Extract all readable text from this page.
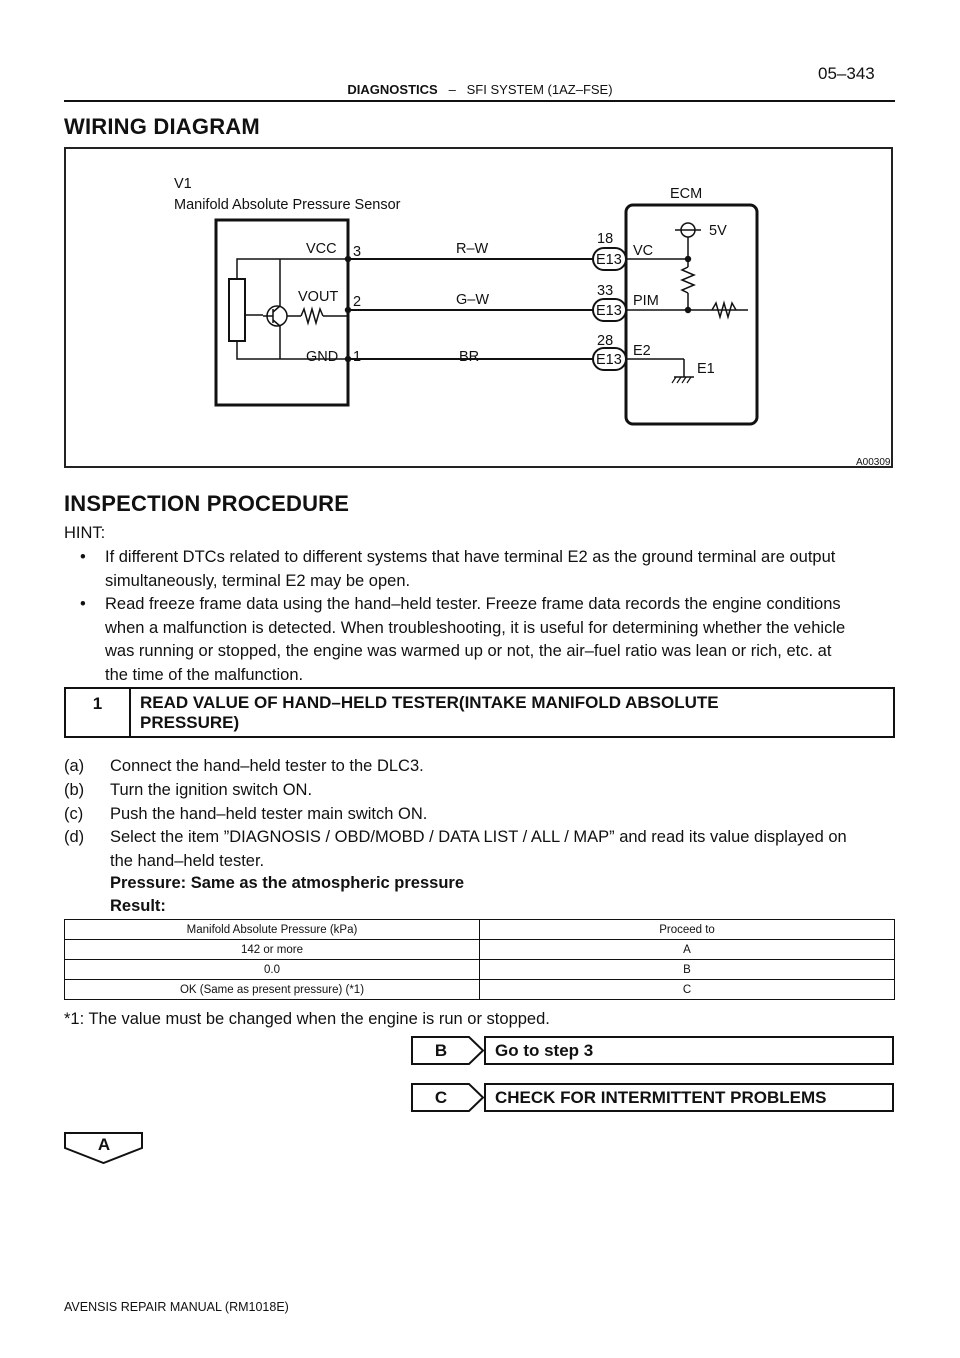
05–343
DIAGNOSTICS – SFI SYSTEM (1AZ–FSE)
WIRING DIAGRAM
V1
Manifold Absolute Pressure Sensor
ECM
5V
VCC 3
VOUT 2
GND 1
R–W
G–W
BR
18
E13
33
E13
28
E13
VC
PIM
E2
E1
A00309
INSPECTION PROCEDURE
HINT:
• If different DTCs related to different systems that have terminal E2 as the ground terminal are output
simultaneously, terminal E2 may be open.
• Read freeze frame data using the hand–held tester. Freeze frame data records the engine conditions
when a malfunction is detected. When troubleshooting, it is useful for determining whether the vehicle
was running or stopped, the engine was warmed up or not, the air–fuel ratio was lean or rich, etc. at
the time of the malfunction.
1	READ VALUE OF HAND–HELD TESTER(INTAKE MANIFOLD ABSOLUTE
PRESSURE)
(a) Connect the hand–held tester to the DLC3.
(b) Turn the ignition switch ON.
(c) Push the hand–held tester main switch ON.
(d) Select the item ”DIAGNOSIS / OBD/MOBD / DATA LIST / ALL / MAP” and read its value displayed on
the hand–held tester.
Pressure: Same as the atmospheric pressure
Result:
Manifold Absolute Pressure (kPa)	Proceed to
142 or more	A
0.0	B
OK (Same as present pressure) (*1)	C
*1: The value must be changed when the engine is run or stopped.
B	Go to step 3
C	CHECK FOR INTERMITTENT PROBLEMS
A
AVENSIS REPAIR MANUAL (RM1018E)
